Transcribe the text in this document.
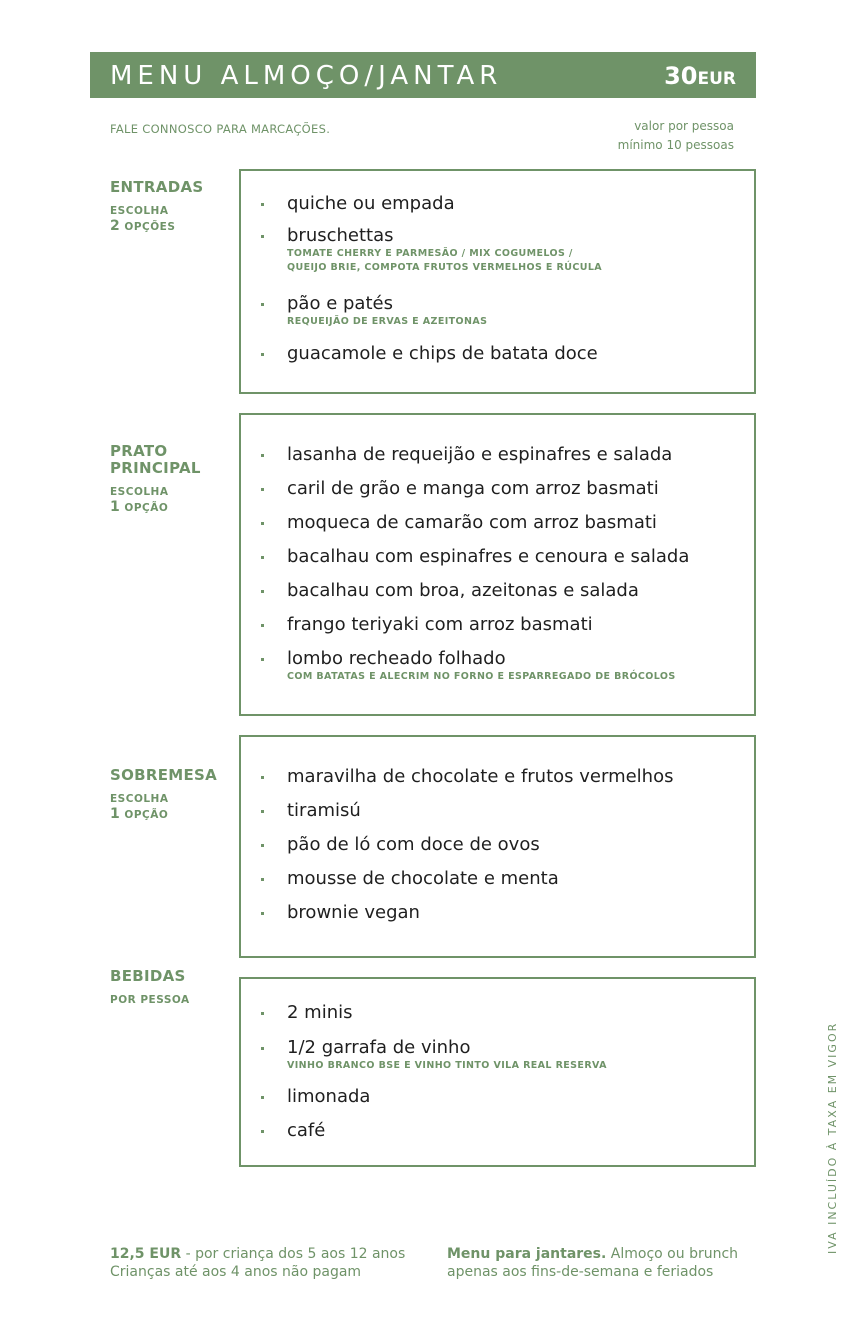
MENU ALMOÇO/JANTAR	30EUR
FALE CONNOSCO PARA MARCAÇÕES.	valor por pessoa
mínimo 10 pessoas
ENTRADAS
ESCOLHA
2 OPÇÕES
quiche ou empada
bruschettas
TOMATE CHERRY E PARMESÃO / MIX COGUMELOS /
QUEIJO BRIE, COMPOTA FRUTOS VERMELHOS E RÚCULA
pão e patés
REQUEIJÃO DE ERVAS E AZEITONAS
guacamole e chips de batata doce
PRATO
PRINCIPAL
ESCOLHA
1 OPÇÃO
lasanha de requeijão e espinafres e salada
caril de grão e manga com arroz basmati
moqueca de camarão com arroz basmati
bacalhau com espinafres e cenoura e salada
bacalhau com broa, azeitonas e salada
frango teriyaki com arroz basmati
lombo recheado folhado
COM BATATAS E ALECRIM NO FORNO E ESPARREGADO DE BRÓCOLOS
SOBREMESA
ESCOLHA
1 OPÇÃO
maravilha de chocolate e frutos vermelhos
tiramisú
pão de ló com doce de ovos
mousse de chocolate e menta
brownie vegan
BEBIDAS
POR PESSOA
2 minis
1/2 garrafa de vinho
VINHO BRANCO BSE E VINHO TINTO VILA REAL RESERVA
limonada
café	IVA INCLUÍDO À TAXA EM VIGOR
12,5 EUR - por criança dos 5 aos 12 anos
Crianças até aos 4 anos não pagam
Menu para jantares. Almoço ou brunch
apenas aos fins-de-semana e feriados
